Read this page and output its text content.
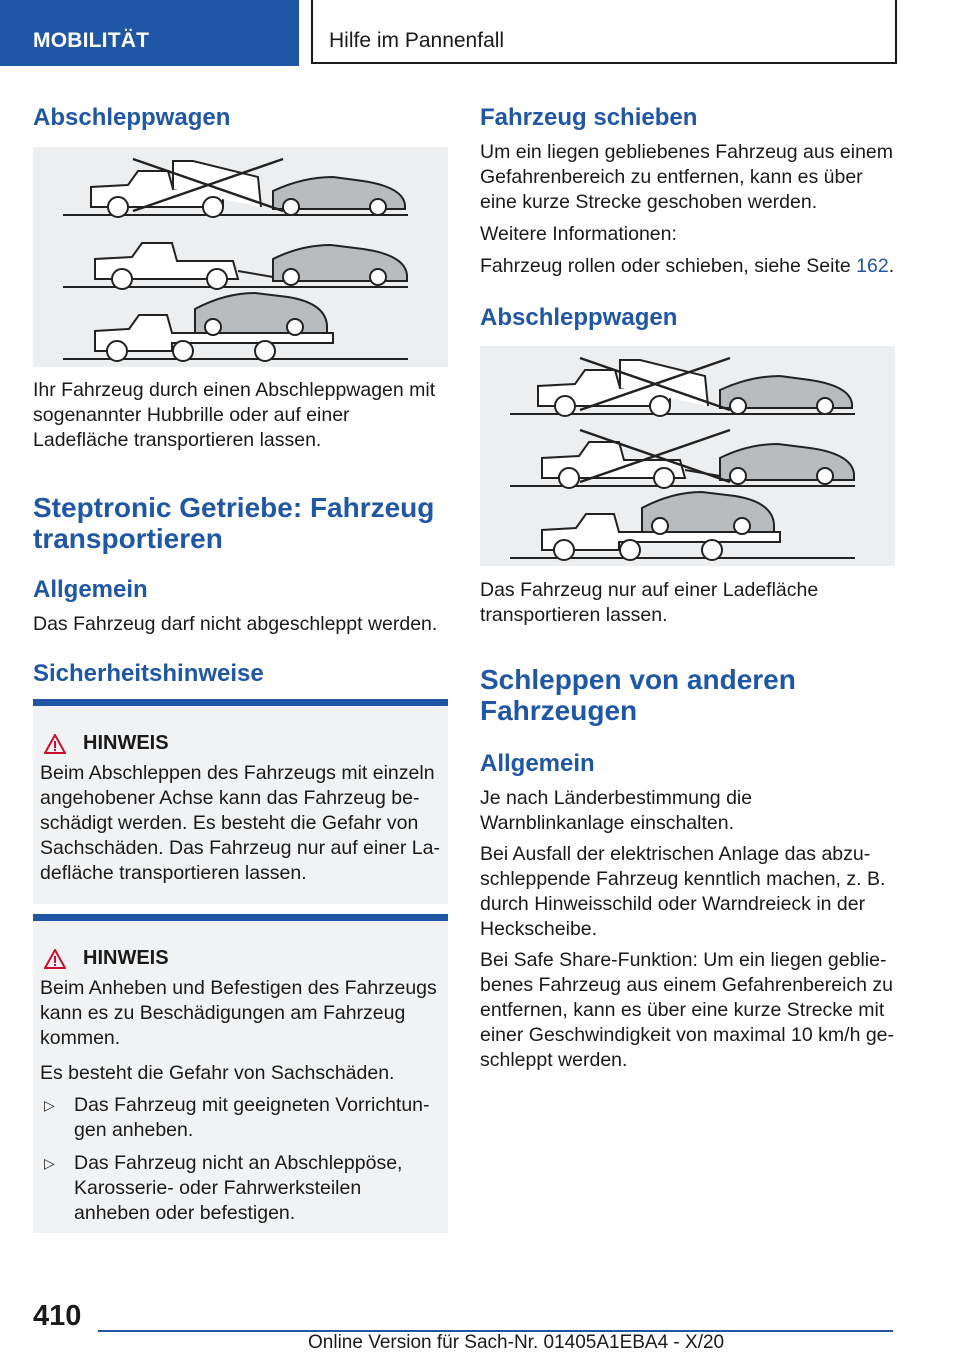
MOBILITÄT	Hilfe im Pannenfall
Abschleppwagen

Ihr Fahrzeug durch einen Abschleppwagen mit sogenannter Hubbrille oder auf einer Ladefläche transportieren lassen.

Steptronic Getriebe: Fahrzeug transportieren
Allgemein

Das Fahrzeug darf nicht abgeschleppt werden.

Sicherheitshinweise
HINWEIS

Beim Abschleppen des Fahrzeugs mit einzeln angehobener Achse kann das Fahrzeug beschädigt werden. Es besteht die Gefahr von Sachschäden. Das Fahrzeug nur auf einer Ladefläche transportieren lassen.

HINWEIS

Beim Anheben und Befestigen des Fahrzeugs kann es zu Beschädigungen am Fahrzeug kommen.

Es besteht die Gefahr von Sachschäden.

▷ Das Fahrzeug mit geeigneten Vorrichtungen anheben.
▷ Das Fahrzeug nicht an Abschleppöse, Karosserie- oder Fahrwerksteilen anheben oder befestigen.
Fahrzeug schieben

Um ein liegen gebliebenes Fahrzeug aus einem Gefahrenbereich zu entfernen, kann es über eine kurze Strecke geschoben werden.

Weitere Informationen:

Fahrzeug rollen oder schieben, siehe Seite 162.

Abschleppwagen

Das Fahrzeug nur auf einer Ladefläche transportieren lassen.

Schleppen von anderen Fahrzeugen
Allgemein

Je nach Länderbestimmung die Warnblinkanlage einschalten.

Bei Ausfall der elektrischen Anlage das abzuschleppende Fahrzeug kenntlich machen, z. B. durch Hinweisschild oder Warndreieck in der Heckscheibe.

Bei Safe Share-Funktion: Um ein liegen gebliebenes Fahrzeug aus einem Gefahrenbereich zu entfernen, kann es über eine kurze Strecke mit einer Geschwindigkeit von maximal 10 km/h geschleppt werden.

410
Online Version für Sach-Nr. 01405A1EBA4 - X/20
